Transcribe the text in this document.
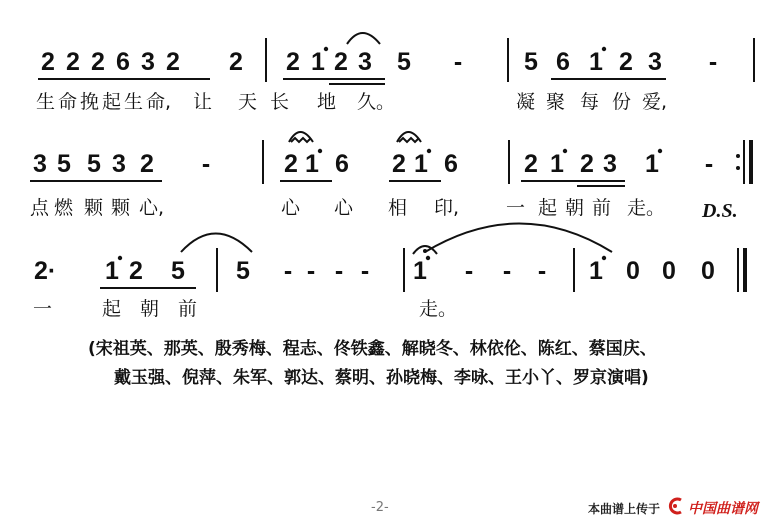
D.S.
(宋祖英、那英、殷秀梅、程志、佟铁鑫、解晓冬、林依伦、陈红、蔡国庆、
戴玉强、倪萍、朱军、郭达、蔡明、孙晓梅、李咏、王小丫、罗京演唱)
-2-	本曲谱上传于 中国曲谱网
2 2 2 6 3 2 2 2 1 2 3 5 - 5 6 1 2 3 -
生 命 挽 起 生 命, 让 天 长 地 久。	凝 聚 每 份 爱,
3 5 5 3 2 -	2 1 6 2 1 6	2 1 2 3 1 -
点 燃 颗 颗 心,	心 心 相 印, 一 起 朝 前 走。
2· 1 2 5 5 - - - - 1 - - - 1 0 0 0
一	起 朝 前	走。
